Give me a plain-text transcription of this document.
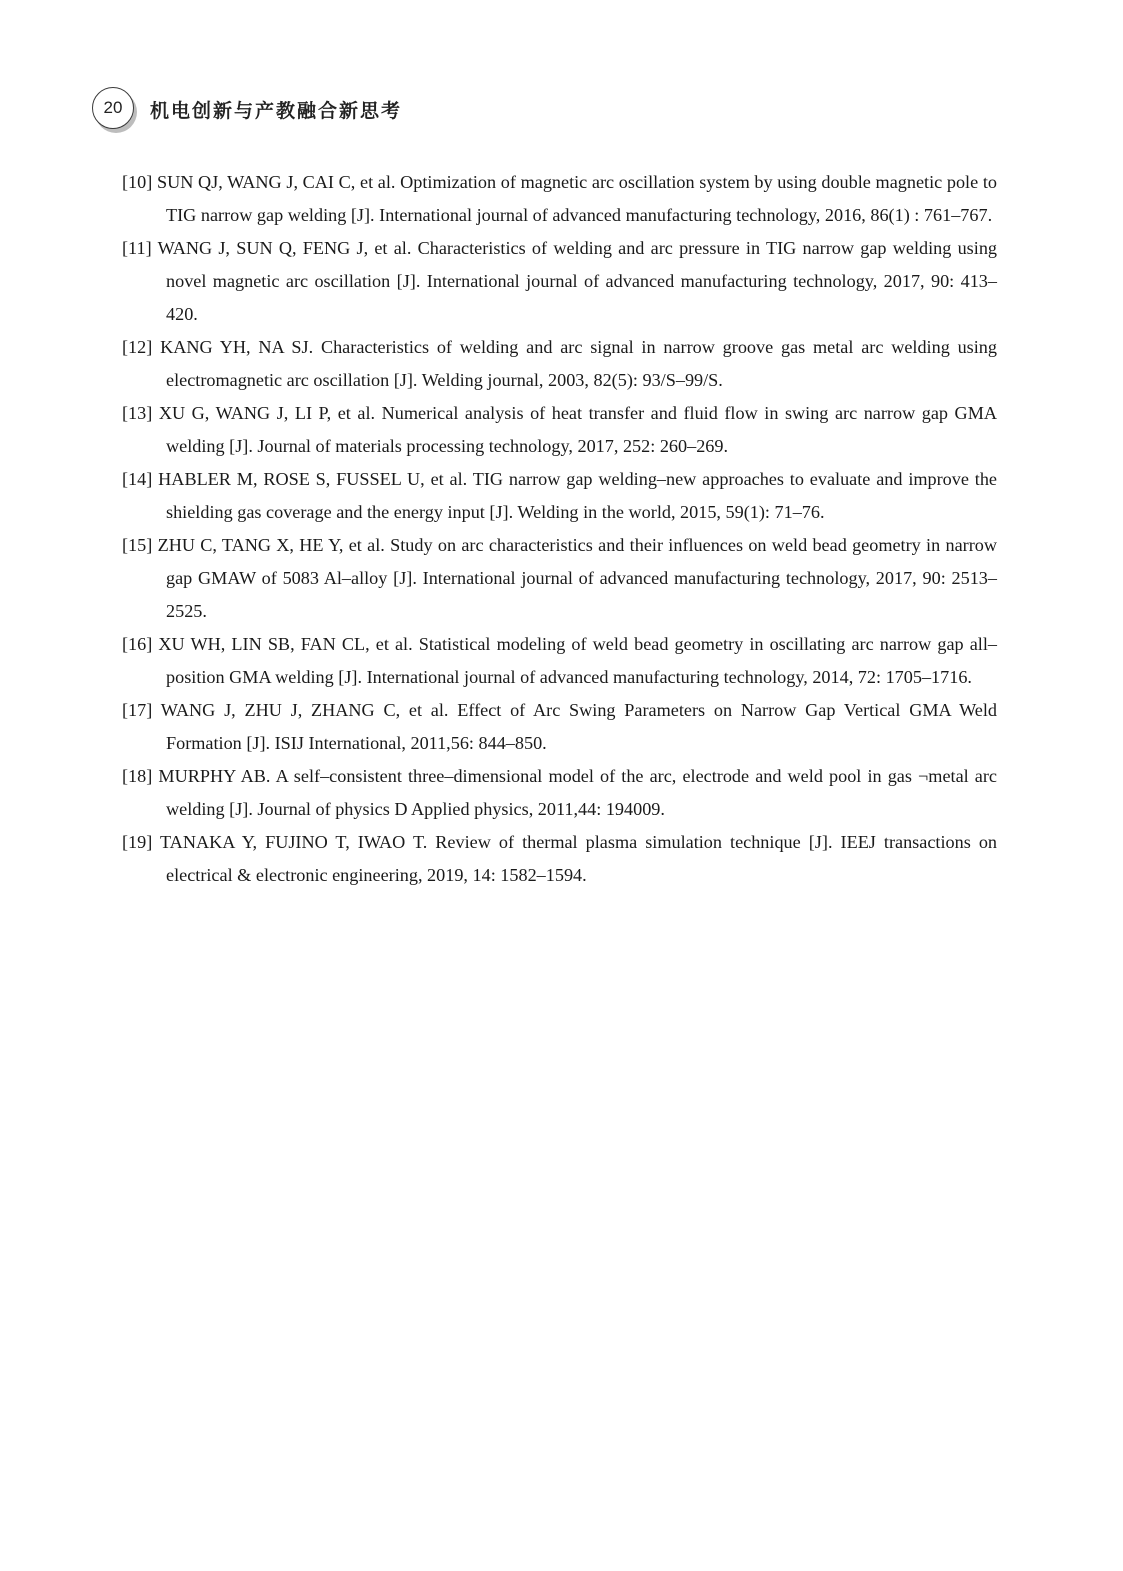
20	机电创新与产教融合新思考
[10] SUN QJ, WANG J, CAI C, et al. Optimization of magnetic arc oscillation system by using double magnetic pole to TIG narrow gap welding [J]. International journal of advanced manufacturing technology, 2016, 86(1) : 761–767.
[11] WANG J, SUN Q, FENG J, et al. Characteristics of welding and arc pressure in TIG narrow gap welding using novel magnetic arc oscillation [J]. International journal of advanced manufacturing technology, 2017, 90: 413–420.
[12] KANG YH, NA SJ. Characteristics of welding and arc signal in narrow groove gas metal arc welding using electromagnetic arc oscillation [J]. Welding journal, 2003, 82(5): 93/S–99/S.
[13] XU G, WANG J, LI P, et al. Numerical analysis of heat transfer and fluid flow in swing arc narrow gap GMA welding [J]. Journal of materials processing technology, 2017, 252: 260–269.
[14] HABLER M, ROSE S, FUSSEL U, et al. TIG narrow gap welding–new approaches to evaluate and improve the shielding gas coverage and the energy input [J]. Welding in the world, 2015, 59(1): 71–76.
[15] ZHU C, TANG X, HE Y, et al. Study on arc characteristics and their influences on weld bead geometry in narrow gap GMAW of 5083 Al–alloy [J]. International journal of advanced manufacturing technology, 2017, 90: 2513–2525.
[16] XU WH, LIN SB, FAN CL, et al. Statistical modeling of weld bead geometry in oscillating arc narrow gap all–position GMA welding [J]. International journal of advanced manufacturing technology, 2014, 72: 1705–1716.
[17] WANG J, ZHU J, ZHANG C, et al. Effect of Arc Swing Parameters on Narrow Gap Vertical GMA Weld Formation [J]. ISIJ International, 2011,56: 844–850.
[18] MURPHY AB. A self–consistent three–dimensional model of the arc, electrode and weld pool in gas ¬metal arc welding [J]. Journal of physics D Applied physics, 2011,44: 194009.
[19] TANAKA Y, FUJINO T, IWAO T. Review of thermal plasma simulation technique [J]. IEEJ transactions on electrical & electronic engineering, 2019, 14: 1582–1594.
